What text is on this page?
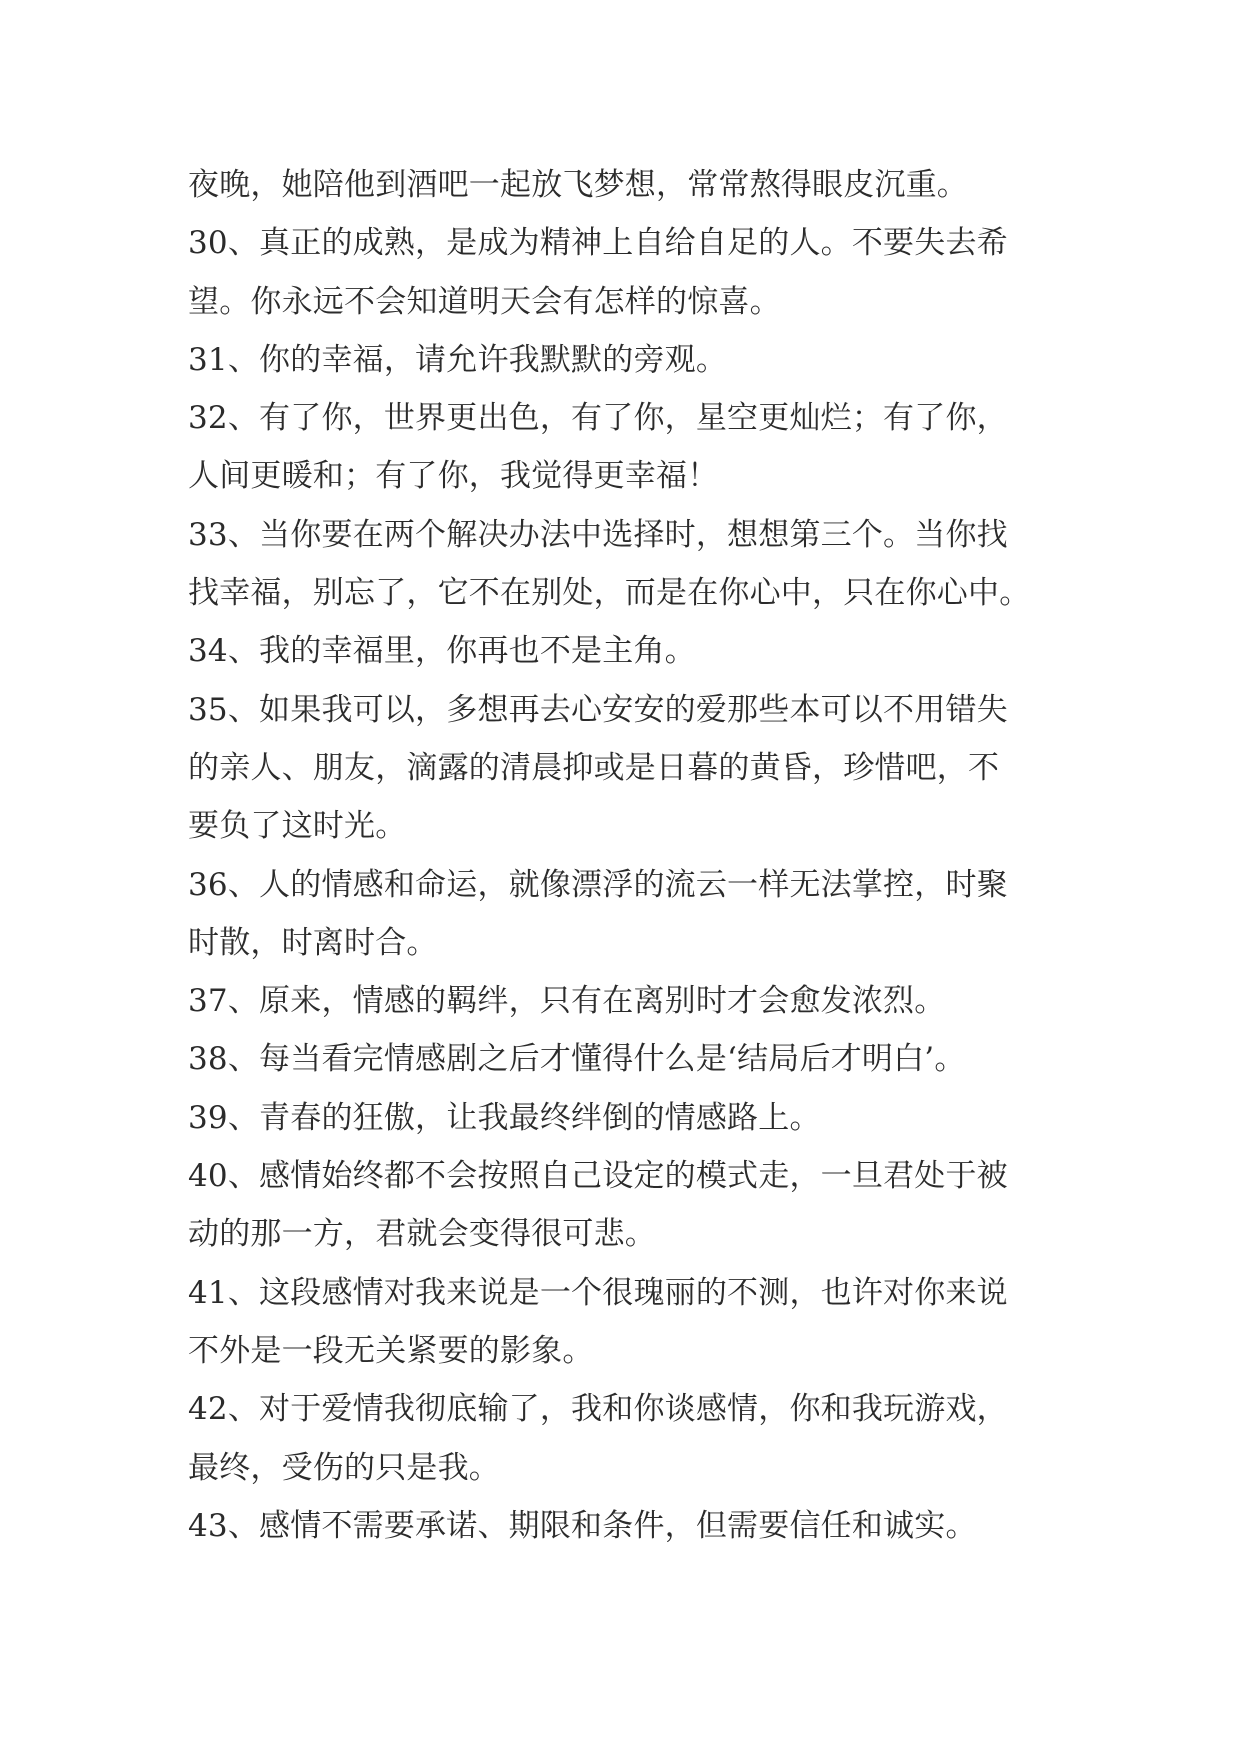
夜晚，她陪他到酒吧一起放飞梦想，常常熬得眼皮沉重。
30、真正的成熟，是成为精神上自给自足的人。不要失去希
望。你永远不会知道明天会有怎样的惊喜。
31、你的幸福，请允许我默默的旁观。
32、有了你，世界更出色，有了你，星空更灿烂；有了你，
人间更暖和；有了你，我觉得更幸福！
33、当你要在两个解决办法中选择时，想想第三个。当你找
找幸福，别忘了，它不在别处，而是在你心中，只在你心中。
34、我的幸福里，你再也不是主角。
35、如果我可以，多想再去心安安的爱那些本可以不用错失
的亲人、朋友，滴露的清晨抑或是日暮的黄昏，珍惜吧，不
要负了这时光。
36、人的情感和命运，就像漂浮的流云一样无法掌控，时聚
时散，时离时合。
37、原来，情感的羁绊，只有在离别时才会愈发浓烈。
38、每当看完情感剧之后才懂得什么是‘结局后才明白’。
39、青春的狂傲，让我最终绊倒的情感路上。
40、感情始终都不会按照自己设定的模式走，一旦君处于被
动的那一方，君就会变得很可悲。
41、这段感情对我来说是一个很瑰丽的不测，也许对你来说
不外是一段无关紧要的影象。
42、对于爱情我彻底输了，我和你谈感情，你和我玩游戏，
最终，受伤的只是我。
43、感情不需要承诺、期限和条件，但需要信任和诚实。
